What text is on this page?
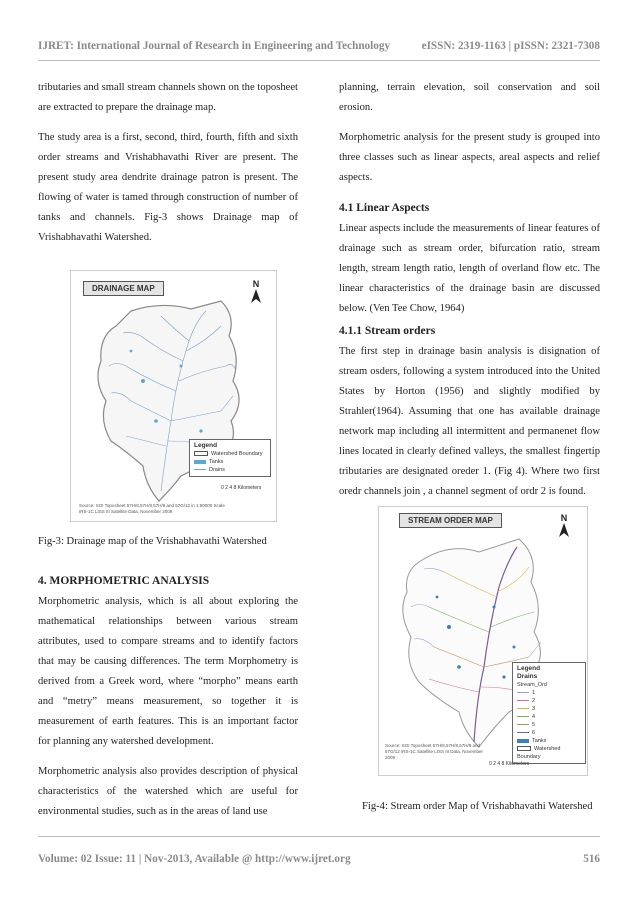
IJRET: International Journal of Research in Engineering and Technology	eISSN: 2319-1163 | pISSN: 2321-7308

tributaries and small stream channels shown on the toposheet are extracted to prepare the drainage map.

The study area is a first, second, third, fourth, fifth and sixth order streams and Vrishabhavathi River are present. The present study area dendrite drainage patron is present. The flowing of water is tamed through construction of number of tanks and channels. Fig-3 shows Drainage map of Vrishabhavathi Watershed.

DRAINAGE MAP	N
Legend
Watershed Boundary
Tanks
Drains
0 2 4 8 Kilometers
Source: SOI Toposheet 57H/8,57H/8,57H/9 and 57G/12 in 1:50000 Scale IRS-1C LISS III Satellite Data, November 2009
Fig-3: Drainage map of the Vrishabhavathi Watershed
4. MORPHOMETRIC ANALYSIS

Morphometric analysis, which is all about exploring the mathematical relationships between various stream attributes, used to compare streams and to identify factors that may be causing differences. The term Morphometry is derived from a Greek word, where “morpho” means earth and “metry” means measurement, so together it is measurement of earth features. This is an important factor for planning any watershed development.

Morphometric analysis also provides description of physical characteristics of the watershed which are useful for environmental studies, such as in the areas of land use

planning, terrain elevation, soil conservation and soil erosion.

Morphometric analysis for the present study is grouped into three classes such as linear aspects, areal aspects and relief aspects.

4.1 Linear Aspects

Linear aspects include the measurements of linear features of drainage such as stream order, bifurcation ratio, stream length, stream length ratio, length of overland flow etc. The linear characteristics of the drainage basin are discussed below. (Ven Tee Chow, 1964)

4.1.1 Stream orders

The first step in drainage basin analysis is disignation of stream osders, following a system introduced into the United States by Horton (1956) and slightly modified by Strahler(1964). Assuming that one has available drainage network map including all intermittent and permanenet flow lines located in clearly defined valleys, the smallest fingertip tributaries are designated oreder 1. (Fig 4). Where two first oredr channels join , a channel segment of ordr 2 is found.

STREAM ORDER MAP	N
Legend
Drains
Stream_Ord
1
2
3
4
5
6
Tanks
Watershed Boundary
0 2 4 8 Kilometers
Source: SOI Toposheet 57H/8,57H/8,57H/9 and 57G/12 IRS-1C Satellite LISS III Data, November 2009
Fig-4: Stream order Map of Vrishabhavathi Watershed
Volume: 02 Issue: 11 | Nov-2013, Available @ http://www.ijret.org	516
